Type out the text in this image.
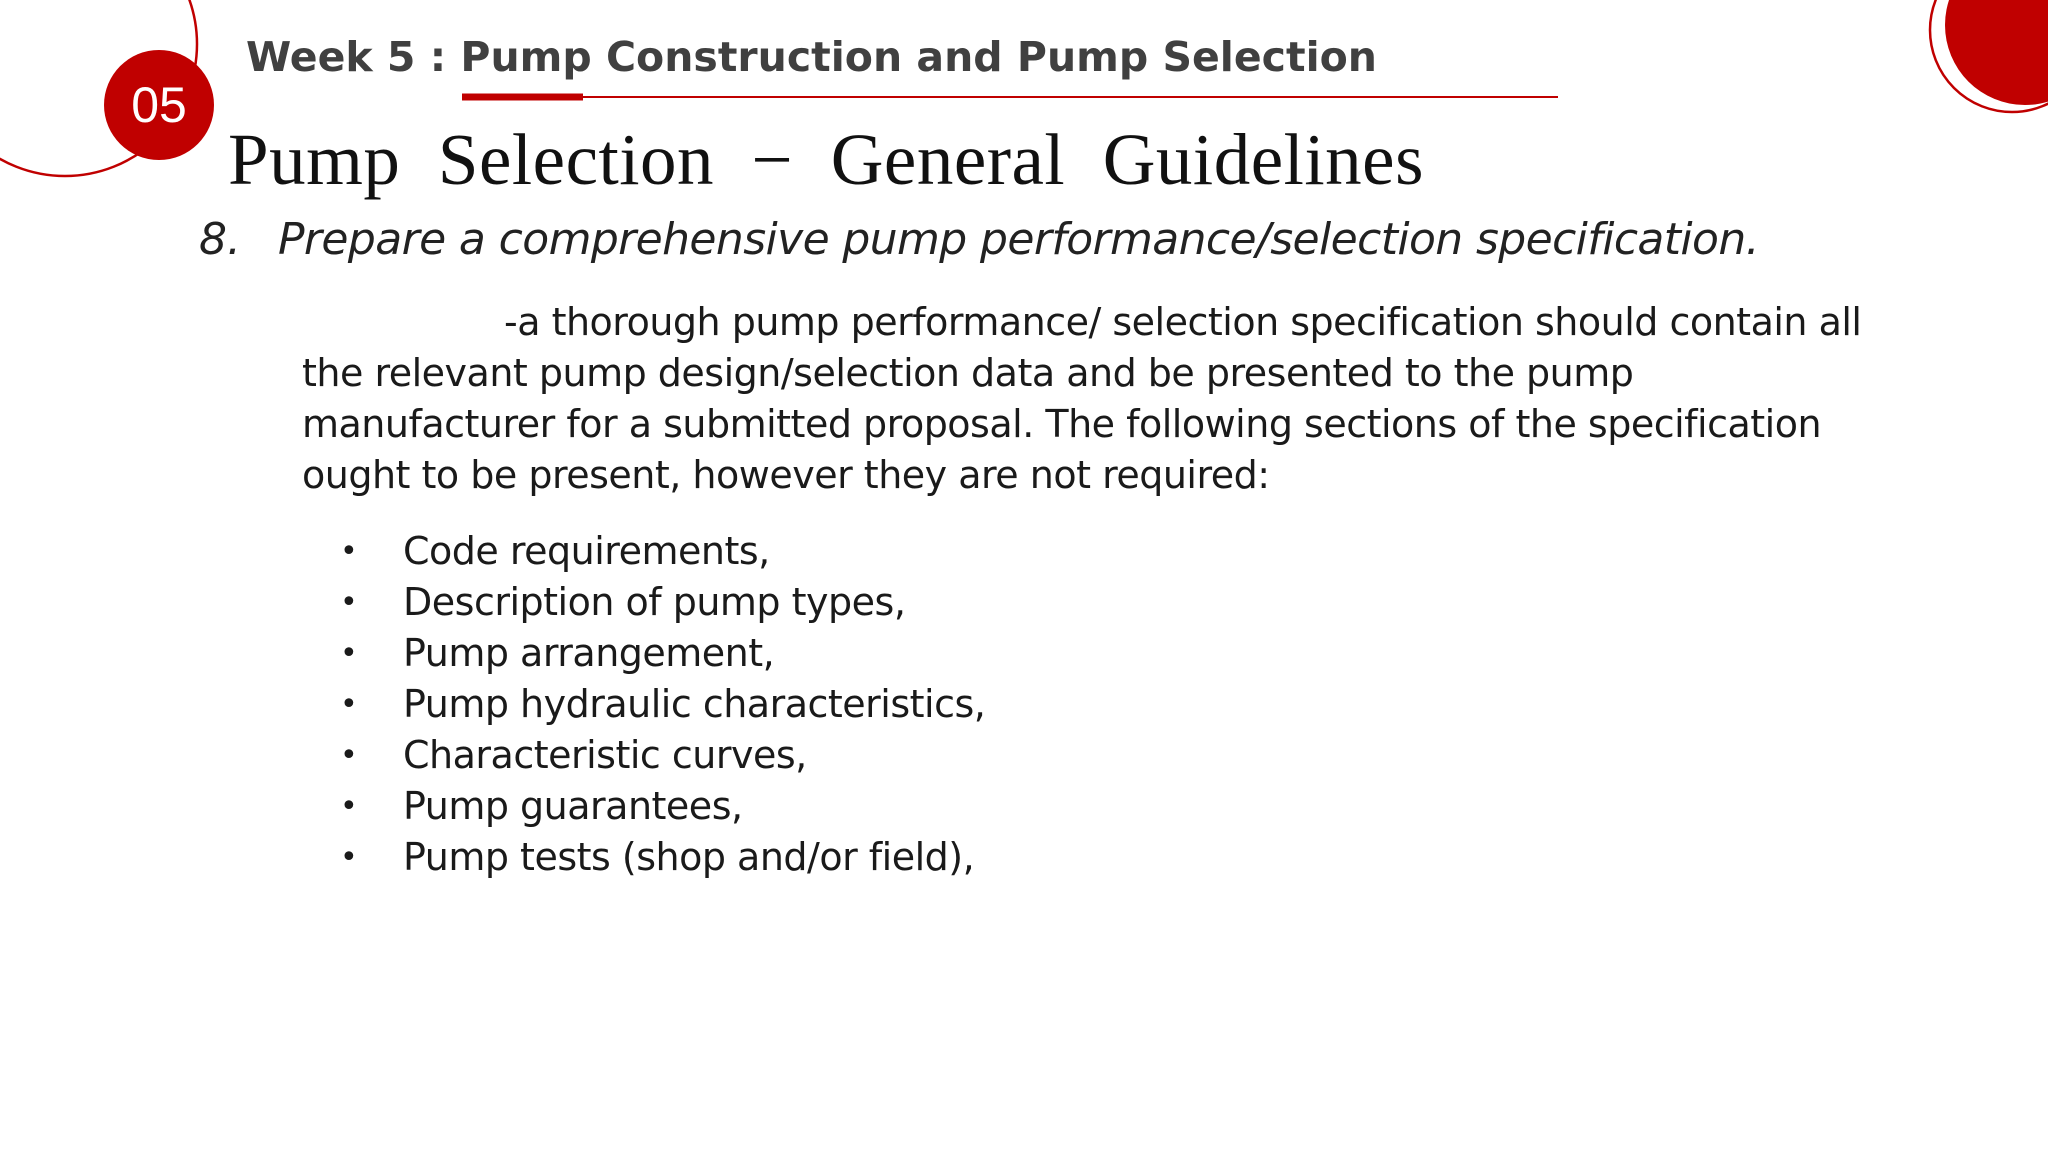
05
Week 5 : Pump Construction and Pump Selection
Pump  Selection  −  General  Guidelines
8. Prepare a comprehensive pump performance/selection specification.
-a thorough pump performance/ selection specification should contain all
the relevant pump design/selection data and be presented to the pump
manufacturer for a submitted proposal. The following sections of the specification
ought to be present, however they are not required:
• Code requirements,
• Description of pump types,
• Pump arrangement,
• Pump hydraulic characteristics,
• Characteristic curves,
• Pump guarantees,
• Pump tests (shop and/or field),
